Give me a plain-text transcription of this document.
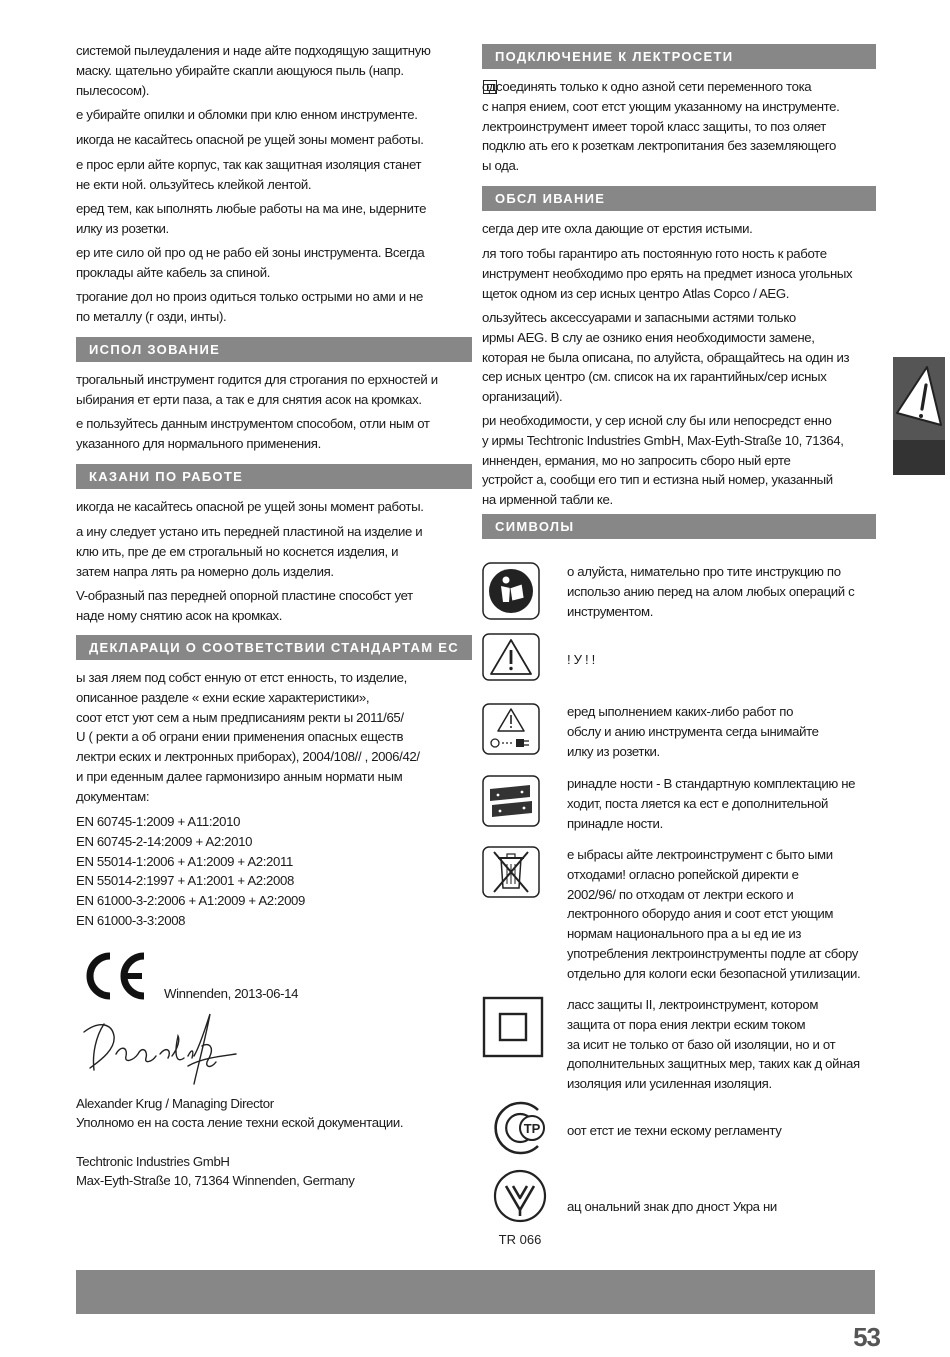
системой пылеудаления и наде айте подходящую защитную
маску. щательно убирайте скапли ающуюся пыль (напр.
пылесосом).
е убирайте опилки и обломки при клю енном инструменте.
икогда не касайтесь опасной ре ущей зоны момент работы.
е прос ерли айте корпус, так как защитная изоляция станет
не екти ной. ользуйтесь клейкой лентой.
еред тем, как ыполнять любые работы на ма ине, ыдерните
илку из розетки.
ер ите сило ой про од не рабо ей зоны инструмента. Всегда
проклады айте кабель за спиной.
трогание дол но произ одиться только острыми но ами и не
по металлу (г озди, инты).
ИСПОЛ ЗОВАНИЕ
трогальный инструмент годится для строгания по ерхностей и
ыбирания ет ерти паза, а так е для снятия асок на кромках.
е пользуйтесь данным инструментом способом, отли ным от
указанного для нормального применения.
КАЗАНИ ПО РАБОТЕ
икогда не касайтесь опасной ре ущей зоны момент работы.
а ину следует устано ить передней пластиной на изделие и
клю ить, пре де ем строгальный но коснется изделия, и
затем напра лять ра номерно доль изделия.
V-образный паз передней опорной пластине способст ует
наде ному снятию асок на кромках.
ДЕКЛАРАЦИ О СООТВЕТСТВИИ СТАНДАРТАМ ЕС
ы зая ляем под собст енную от етст енность, то изделие,
описанное разделе « ехни еские характеристики»,
соот етст уют сем а ным предписаниям ректи ы 2011/65/
U ( ректи а об ограни ении применения опасных еществ
лектри еских и лектронных приборах), 2004/108// , 2006/42/
и при еденным далее гармонизиро анным нормати ным
документам:
EN 60745-1:2009 + A11:2010
EN 60745-2-14:2009 + A2:2010
EN 55014-1:2006 + A1:2009 + A2:2011
EN 55014-2:1997 + A1:2001 + A2:2008
EN 61000-3-2:2006 + A1:2009 + A2:2009
EN 61000-3-3:2008
Winnenden, 2013-06-14
Alexander Krug / Managing Director
Уполномо ен на соста ление техни еской документации.
Techtronic Industries GmbH
Max-Eyth-Straße 10, 71364 Winnenden, Germany
ПОДКЛЮЧЕНИЕ К ЛЕКТРОСЕТИ
одсоединять только к одно азной сети переменного тока
с напря ением, соот етст ующим указанному на инструменте.
лектроинструмент имеет торой класс защиты, то поз оляет
подклю ать его к розеткам лектропитания без заземляющего
ы ода.
ОБСЛ ИВАНИЕ
сегда дер ите охла дающие от ерстия истыми.
ля того тобы гарантиро ать постоянную гото ность к работе
инструмент необходимо про ерять на предмет износа угольных
щеток одном из сер исных центро Atlas Copco / AEG.
ользуйтесь аксессуарами и запасными астями только
ирмы AEG. В слу ае ознико ения необходимости замене,
которая не была описана, по алуйста, обращайтесь на один из
сер исных центро (см. список на их гарантийных/сер исных
организаций).
ри необходимости, у сер исной слу бы или непосредст енно
у ирмы Techtronic Industries GmbH, Max-Eyth-Straße 10, 71364,
инненден, ермания, мо но запросить сборо ный ерте
устройст а, сообщи его тип и естизна ный номер, указанный
на ирменной табли ке.
СИМВОЛЫ
о алуйста, нимательно про тите инструкцию по
использо анию перед на алом любых операций с
инструментом.
! У ! !
еред ыполнением каких-либо работ по
обслу и анию инструмента сегда ынимайте
илку из розетки.
ринадле ности - В стандартную комплектацию не
ходит, поста ляется ка ест е дополнительной
принадле ности.
е ыбрасы айте лектроинструмент с быто ыми
отходами! огласно ропейской директи е
2002/96/ по отходам от лектри еского и
лектронного оборудо ания и соот етст ующим
нормам национального пра а ы ед ие из
употребления лектроинструменты подле ат сбору
отдельно для кологи ески безопасной утилизации.
ласс защиты II, лектроинструмент, котором
защита от пора ения лектри еским током
за исит не только от базо ой изоляции, но и от
дополнительных защитных мер, таких как д ойная
изоляция или усиленная изоляция.
ТР оот етст ие техни ескому регламенту
TR 066
ац ональний знак дпо дност Укра ни
53
